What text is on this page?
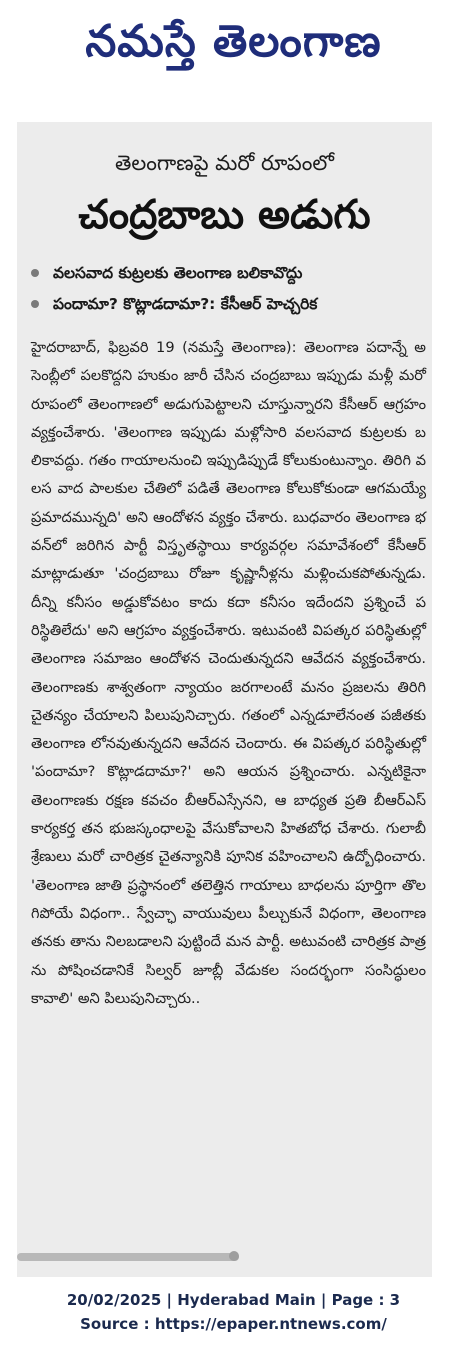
నమస్తే తెలంగాణ
తెలంగాణపై మరో రూపంలో
చంద్రబాబు అడుగు
వలసవాద కుట్రలకు తెలంగాణ బలికావొద్దు
పందామా? కొట్లాడదామా?: కేసీఆర్ హెచ్చరిక
హైదరాబాద్, ఫిబ్రవరి 19 (నమస్తే తెలంగాణ): తెలంగాణ పదాన్నే అసెంబ్లీలో పలకొద్దని హుకుం జారీ చేసిన చంద్రబాబు ఇప్పుడు మళ్లీ మరో రూపంలో తెలంగాణలో అడుగుపెట్టాలని చూస్తున్నారని కేసీఆర్ ఆగ్రహం వ్యక్తంచేశారు. 'తెలంగాణ ఇప్పుడు మళ్లోసారి వలసవాద కుట్రలకు బలికావద్దు. గతం గాయాలనుంచి ఇప్పుడిప్పుడే కోలుకుంటున్నాం. తిరిగి వలస వాద పాలకుల చేతిలో పడితే తెలంగాణ కోలుకోకుండా ఆగమయ్యే ప్రమాదమున్నది' అని ఆందోళన వ్యక్తం చేశారు. బుధవారం తెలంగాణ భవన్‌లో జరిగిన పార్టీ విస్తృతస్థాయి కార్యవర్గల సమావేశంలో కేసీఆర్ మాట్లాడుతూ 'చంద్రబాబు రోజూ కృష్ణానీళ్లను మళ్లించుకపోతున్నడు. దీన్ని కనీసం అడ్డుకోవటం కాదు కదా కనీసం ఇదేందని ప్రశ్నించే పరిస్థితిలేదు' అని ఆగ్రహం వ్యక్తంచేశారు. ఇటువంటి విపత్కర పరిస్థితుల్లో తెలంగాణ సమాజం ఆందోళన చెందుతున్నదని ఆవేదన వ్యక్తంచేశారు. తెలంగాణకు శాశ్వతంగా న్యాయం జరగాలంటే మనం ప్రజలను తిరిగి చైతన్యం చేయాలని పిలుపునిచ్చారు. గతంలో ఎన్నడూలేనంత పజీతకు తెలంగాణ లోనవుతున్నదని ఆవేదన చెందారు. ఈ విపత్కర పరిస్థితుల్లో 'పందామా? కొట్లాడదామా?' అని ఆయన ప్రశ్నించారు. ఎన్నటికైనా తెలంగాణకు రక్షణ కవచం బీఆర్‌ఎస్సేనని, ఆ బాధ్యత ప్రతి బీఆర్‌ఎస్ కార్యకర్త తన భుజస్కంధాలపై వేసుకోవాలని హితబోధ చేశారు. గులాబీ శ్రేణులు మరో చారిత్రక చైతన్యానికి పూనిక వహించాలని ఉద్బోధించారు. 'తెలంగాణ జాతి ప్రస్థానంలో తలెత్తిన గాయాలు బాధలను పూర్తిగా తొలగిపోయే విధంగా.. స్వేచ్ఛా వాయువులు పీల్చుకునే విధంగా, తెలంగాణ తనకు తాను నిలబడాలని పుట్టిందే మన పార్టీ. అటువంటి చారిత్రక పాత్రను పోషించడానికే సిల్వర్ జూబ్లీ వేడుకల సందర్భంగా సంసిద్ధులం కావాలి' అని పిలుపునిచ్చారు..
20/02/2025 | Hyderabad Main | Page : 3
Source : https://epaper.ntnews.com/
